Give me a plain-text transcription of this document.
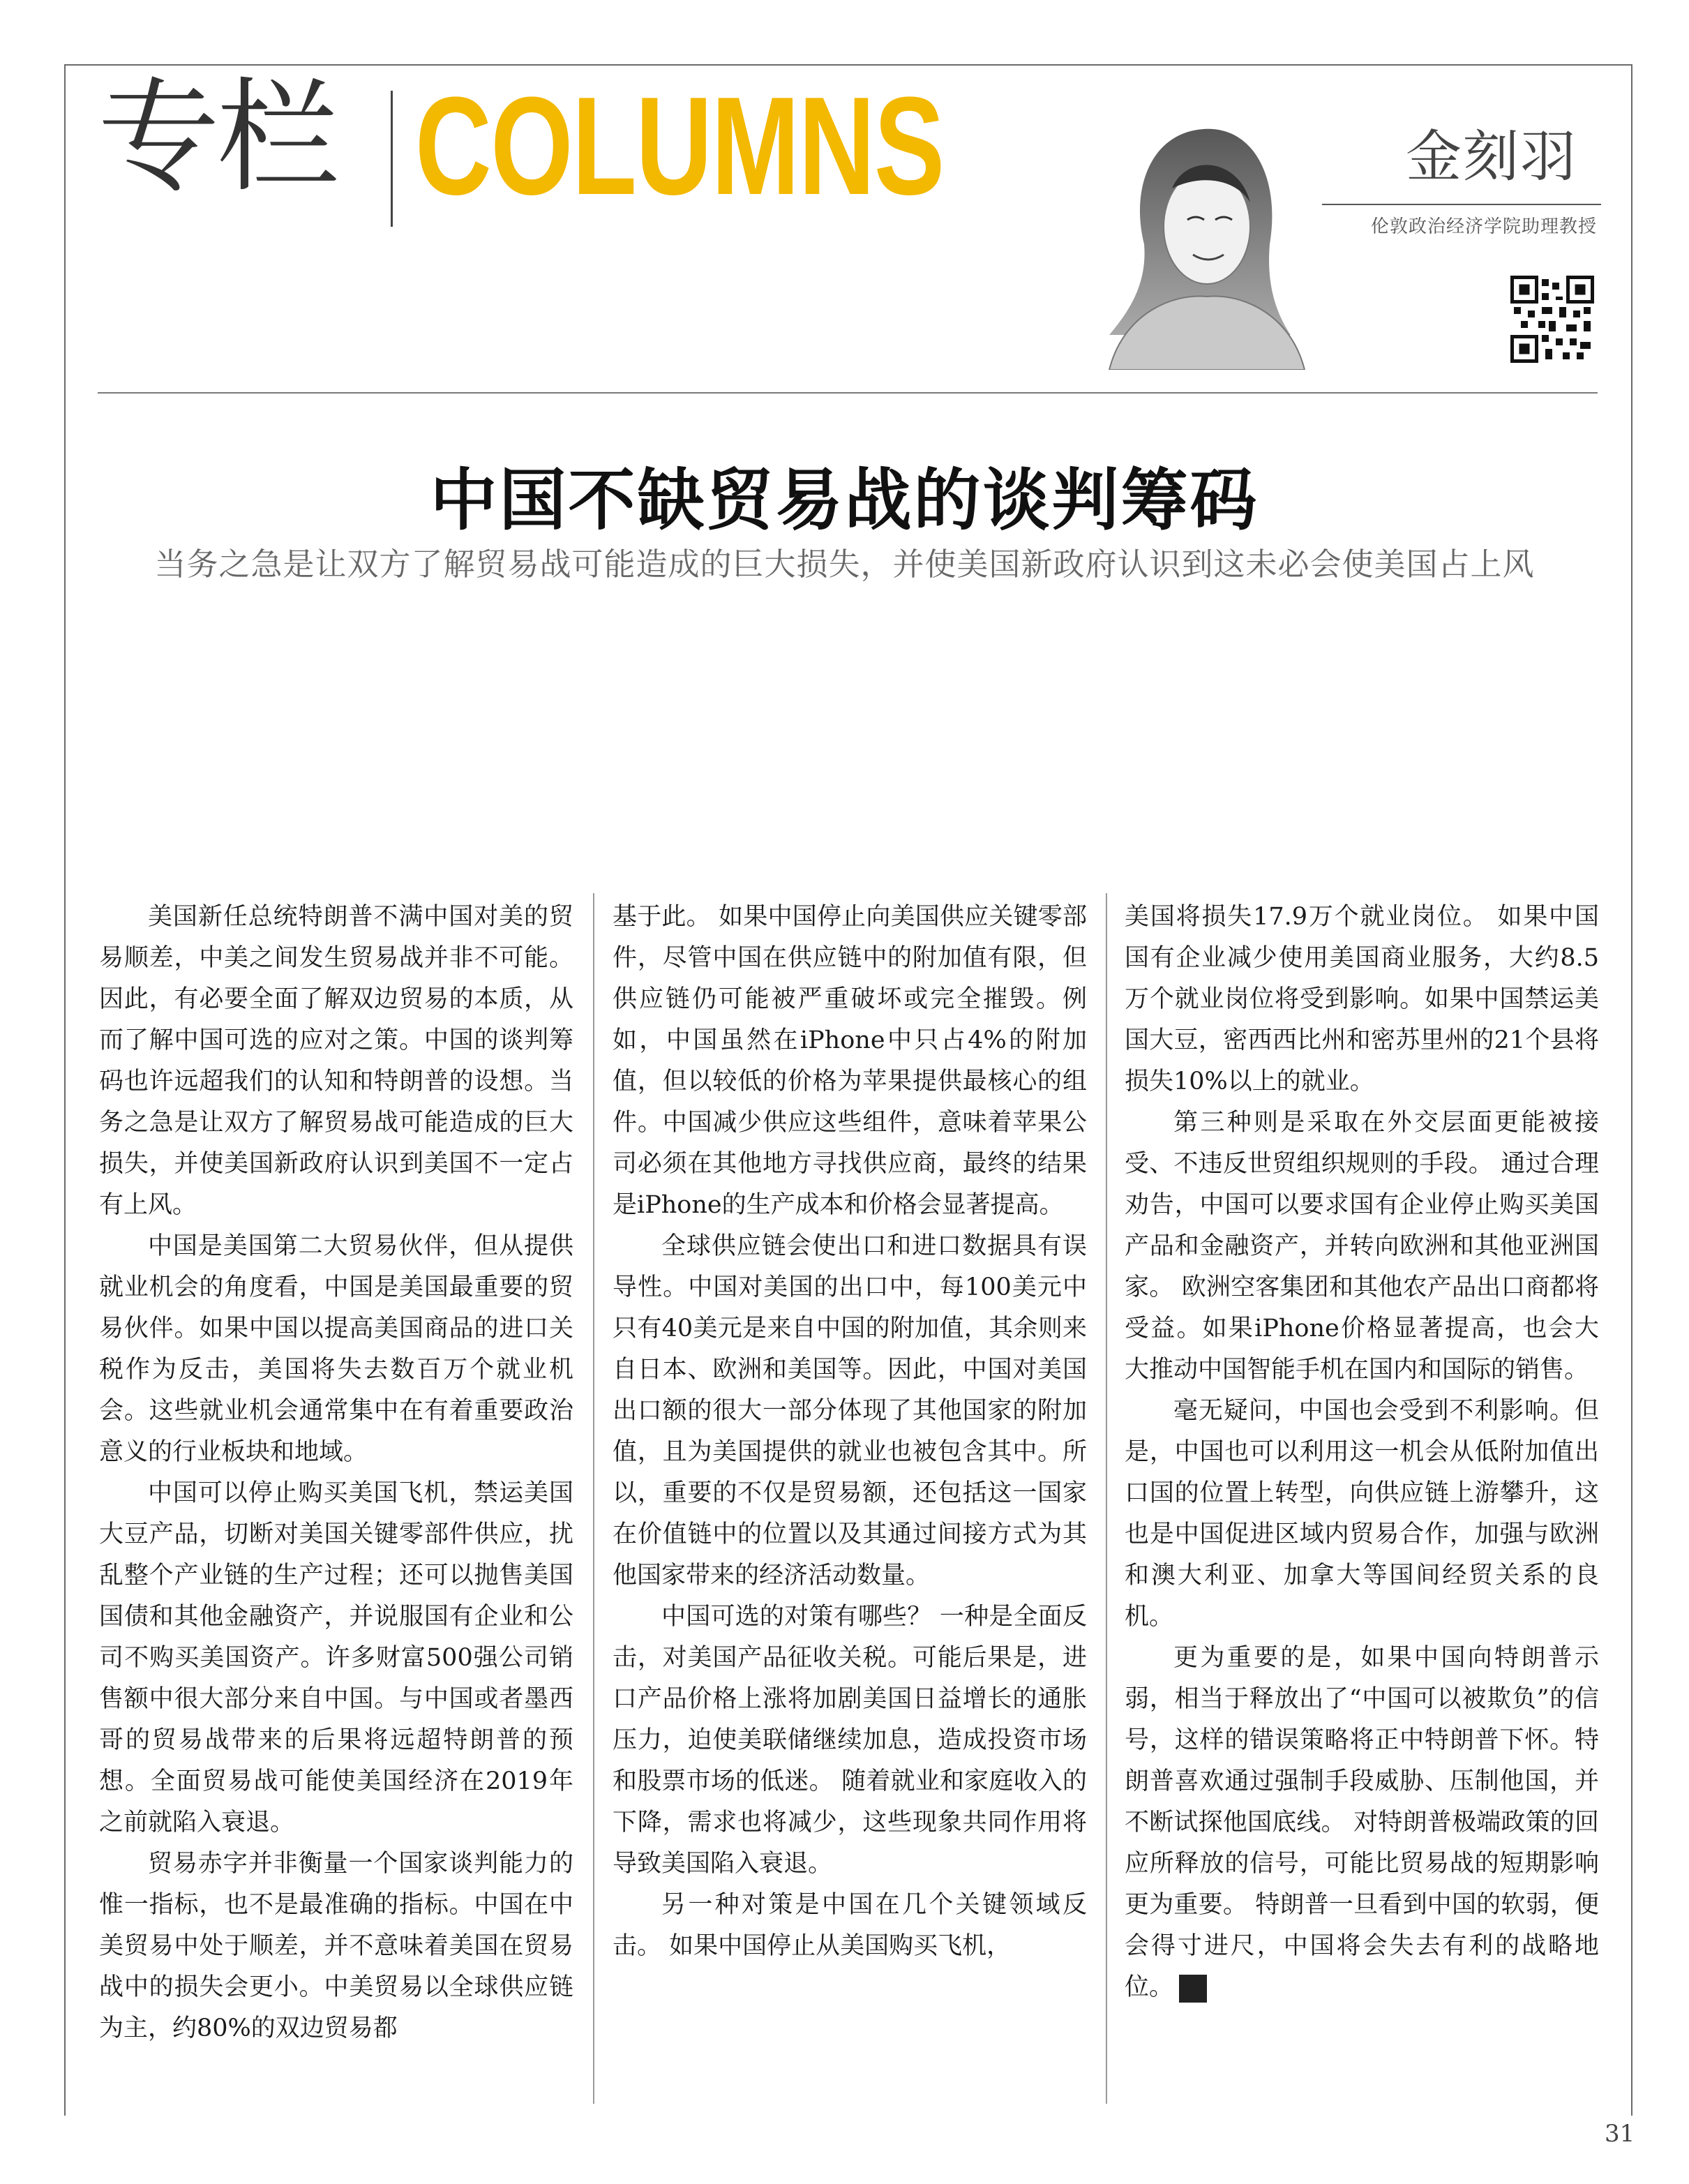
专栏 COLUMNS	金刻羽
伦敦政治经济学院助理教授
中国不缺贸易战的谈判筹码
当务之急是让双方了解贸易战可能造成的巨大损失，并使美国新政府认识到这未必会使美国占上风

美国新任总统特朗普不满中国对美的贸易顺差，中美之间发生贸易战并非不可能。因此，有必要全面了解双边贸易的本质，从而了解中国可选的应对之策。中国的谈判筹码也许远超我们的认知和特朗普的设想。当务之急是让双方了解贸易战可能造成的巨大损失，并使美国新政府认识到美国不一定占有上风。

中国是美国第二大贸易伙伴，但从提供就业机会的角度看，中国是美国最重要的贸易伙伴。如果中国以提高美国商品的进口关税作为反击，美国将失去数百万个就业机会。这些就业机会通常集中在有着重要政治意义的行业板块和地域。

中国可以停止购买美国飞机，禁运美国大豆产品，切断对美国关键零部件供应，扰乱整个产业链的生产过程；还可以抛售美国国债和其他金融资产，并说服国有企业和公司不购买美国资产。许多财富500强公司销售额中很大部分来自中国。与中国或者墨西哥的贸易战带来的后果将远超特朗普的预想。全面贸易战可能使美国经济在2019年之前就陷入衰退。

贸易赤字并非衡量一个国家谈判能力的惟一指标，也不是最准确的指标。中国在中美贸易中处于顺差，并不意味着美国在贸易战中的损失会更小。中美贸易以全球供应链为主，约80%的双边贸易都

基于此。 如果中国停止向美国供应关键零部件，尽管中国在供应链中的附加值有限，但供应链仍可能被严重破坏或完全摧毁。例如，中国虽然在iPhone中只占4%的附加值，但以较低的价格为苹果提供最核心的组件。中国减少供应这些组件，意味着苹果公司必须在其他地方寻找供应商，最终的结果是iPhone的生产成本和价格会显著提高。

全球供应链会使出口和进口数据具有误导性。中国对美国的出口中，每100美元中只有40美元是来自中国的附加值，其余则来自日本、欧洲和美国等。因此，中国对美国出口额的很大一部分体现了其他国家的附加值，且为美国提供的就业也被包含其中。所以，重要的不仅是贸易额，还包括这一国家在价值链中的位置以及其通过间接方式为其他国家带来的经济活动数量。

中国可选的对策有哪些？ 一种是全面反击，对美国产品征收关税。可能后果是，进口产品价格上涨将加剧美国日益增长的通胀压力，迫使美联储继续加息，造成投资市场和股票市场的低迷。 随着就业和家庭收入的下降，需求也将减少，这些现象共同作用将导致美国陷入衰退。

另一种对策是中国在几个关键领域反击。 如果中国停止从美国购买飞机，

美国将损失17.9万个就业岗位。 如果中国国有企业减少使用美国商业服务，大约8.5万个就业岗位将受到影响。如果中国禁运美国大豆，密西西比州和密苏里州的21个县将损失10%以上的就业。

第三种则是采取在外交层面更能被接受、不违反世贸组织规则的手段。 通过合理劝告，中国可以要求国有企业停止购买美国产品和金融资产，并转向欧洲和其他亚洲国家。 欧洲空客集团和其他农产品出口商都将受益。如果iPhone价格显著提高，也会大大推动中国智能手机在国内和国际的销售。

毫无疑问，中国也会受到不利影响。但是，中国也可以利用这一机会从低附加值出口国的位置上转型，向供应链上游攀升，这也是中国促进区域内贸易合作，加强与欧洲和澳大利亚、加拿大等国间经贸关系的良机。

更为重要的是，如果中国向特朗普示弱，相当于释放出了“中国可以被欺负”的信号，这样的错误策略将正中特朗普下怀。特朗普喜欢通过强制手段威胁、压制他国，并不断试探他国底线。 对特朗普极端政策的回应所释放的信号，可能比贸易战的短期影响更为重要。 特朗普一旦看到中国的软弱，便会得寸进尺，中国将会失去有利的战略地位。	新

31
